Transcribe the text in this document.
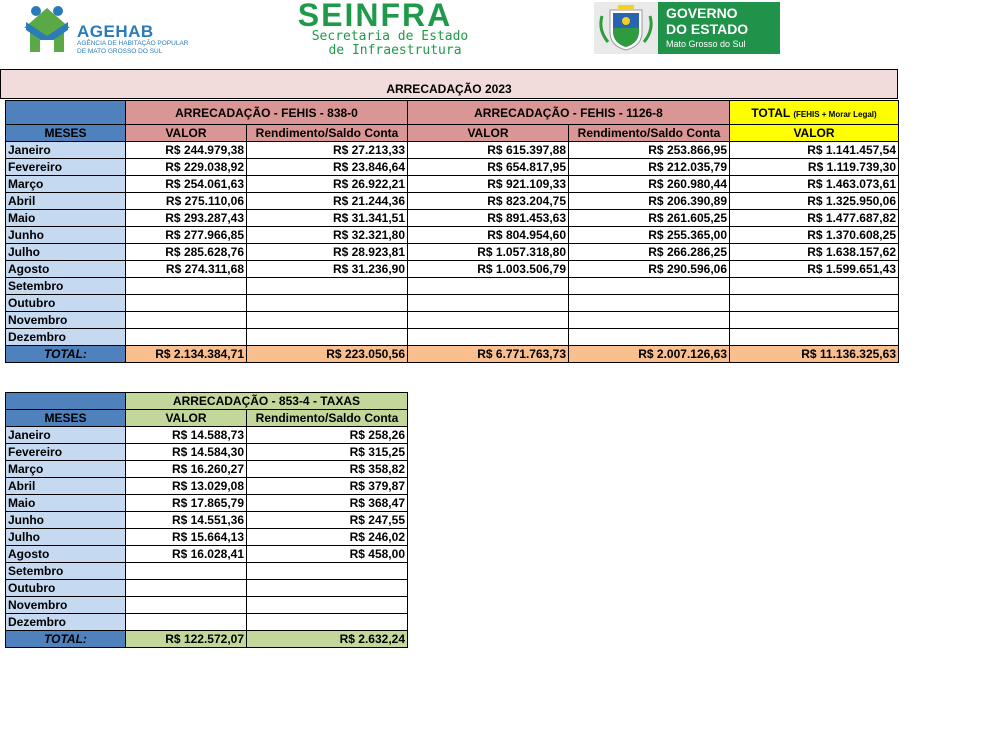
AGEHAB
AGÊNCIA DE HABITAÇÃO POPULAR
DE MATO GROSSO DO SUL
SEINFRA
Secretaria de Estado
de Infraestrutura
GOVERNO
DO ESTADO
Mato Grosso do Sul
ARRECADAÇÃO 2023
	ARRECADAÇÃO - FEHIS - 838-0		ARRECADAÇÃO - FEHIS - 1126-8		TOTAL (FEHIS + Morar Legal)
MESES	VALOR	Rendimento/Saldo Conta	VALOR	Rendimento/Saldo Conta	VALOR
Janeiro	R$ 244.979,38	R$ 27.213,33	R$ 615.397,88	R$ 253.866,95	R$ 1.141.457,54
Fevereiro	R$ 229.038,92	R$ 23.846,64	R$ 654.817,95	R$ 212.035,79	R$ 1.119.739,30
Março	R$ 254.061,63	R$ 26.922,21	R$ 921.109,33	R$ 260.980,44	R$ 1.463.073,61
Abril	R$ 275.110,06	R$ 21.244,36	R$ 823.204,75	R$ 206.390,89	R$ 1.325.950,06
Maio	R$ 293.287,43	R$ 31.341,51	R$ 891.453,63	R$ 261.605,25	R$ 1.477.687,82
Junho	R$ 277.966,85	R$ 32.321,80	R$ 804.954,60	R$ 255.365,00	R$ 1.370.608,25
Julho	R$ 285.628,76	R$ 28.923,81	R$ 1.057.318,80	R$ 266.286,25	R$ 1.638.157,62
Agosto	R$ 274.311,68	R$ 31.236,90	R$ 1.003.506,79	R$ 290.596,06	R$ 1.599.651,43
Setembro					
Outubro					
Novembro					
Dezembro					
TOTAL:	R$ 2.134.384,71	R$ 223.050,56	R$ 6.771.763,73	R$ 2.007.126,63	R$ 11.136.325,63
	ARRECADAÇÃO - 853-4 - TAXAS	
MESES	VALOR	Rendimento/Saldo Conta
Janeiro	R$ 14.588,73	R$ 258,26
Fevereiro	R$ 14.584,30	R$ 315,25
Março	R$ 16.260,27	R$ 358,82
Abril	R$ 13.029,08	R$ 379,87
Maio	R$ 17.865,79	R$ 368,47
Junho	R$ 14.551,36	R$ 247,55
Julho	R$ 15.664,13	R$ 246,02
Agosto	R$ 16.028,41	R$ 458,00
Setembro		
Outubro		
Novembro		
Dezembro		
TOTAL:	R$ 122.572,07	R$ 2.632,24
